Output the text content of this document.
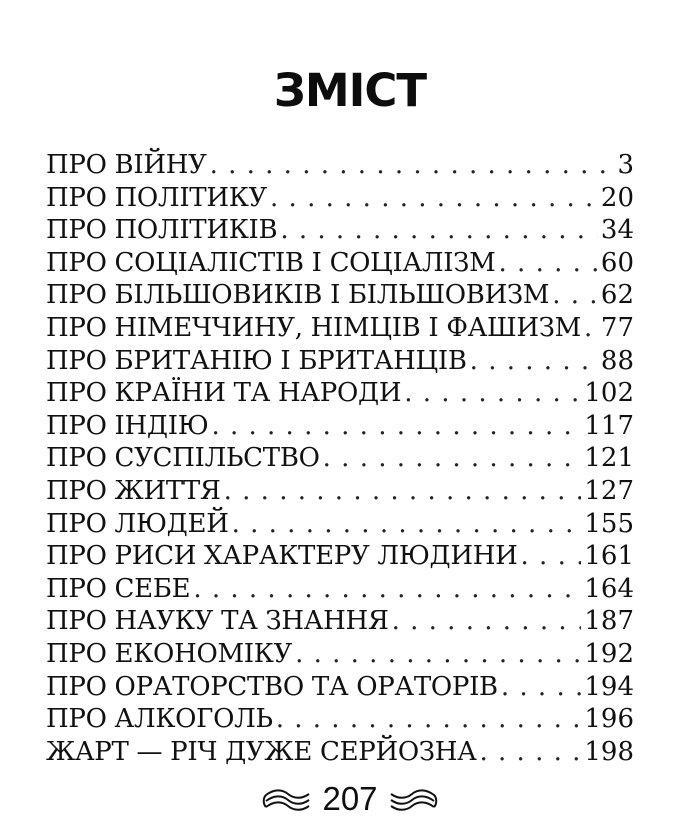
ЗМІСТ
ПРО ВІЙНУ . . .	3
ПРО ПОЛІТИКУ . . .	20
ПРО ПОЛІТИКІВ . . .	34
ПРО СОЦІАЛІСТІВ І СОЦІАЛІЗМ . . .	60
ПРО БІЛЬШОВИКІВ І БІЛЬШОВИЗМ . . . 62
ПРО НІМЕЧЧИНУ, НІМЦІВ І ФАШИЗМ . . . 77
ПРО БРИТАНІЮ І БРИТАНЦІВ . . .	88
ПРО КРАЇНИ ТА НАРОДИ . . .	102
ПРО ІНДІЮ . . .	117
ПРО СУСПІЛЬСТВО . . .	121
ПРО ЖИТТЯ . . .	127
ПРО ЛЮДЕЙ . . .	155
ПРО РИСИ ХАРАКТЕРУ ЛЮДИНИ . . .	161
ПРО СЕБЕ . . .	164
ПРО НАУКУ ТА ЗНАННЯ . . .	187
ПРО ЕКОНОМІКУ . . .	192
ПРО ОРАТОРСТВО ТА ОРАТОРІВ . . .	194
ПРО АЛКОГОЛЬ . . .	196
ЖАРТ — РІЧ ДУЖЕ СЕРЙОЗНА . . .	198
207
